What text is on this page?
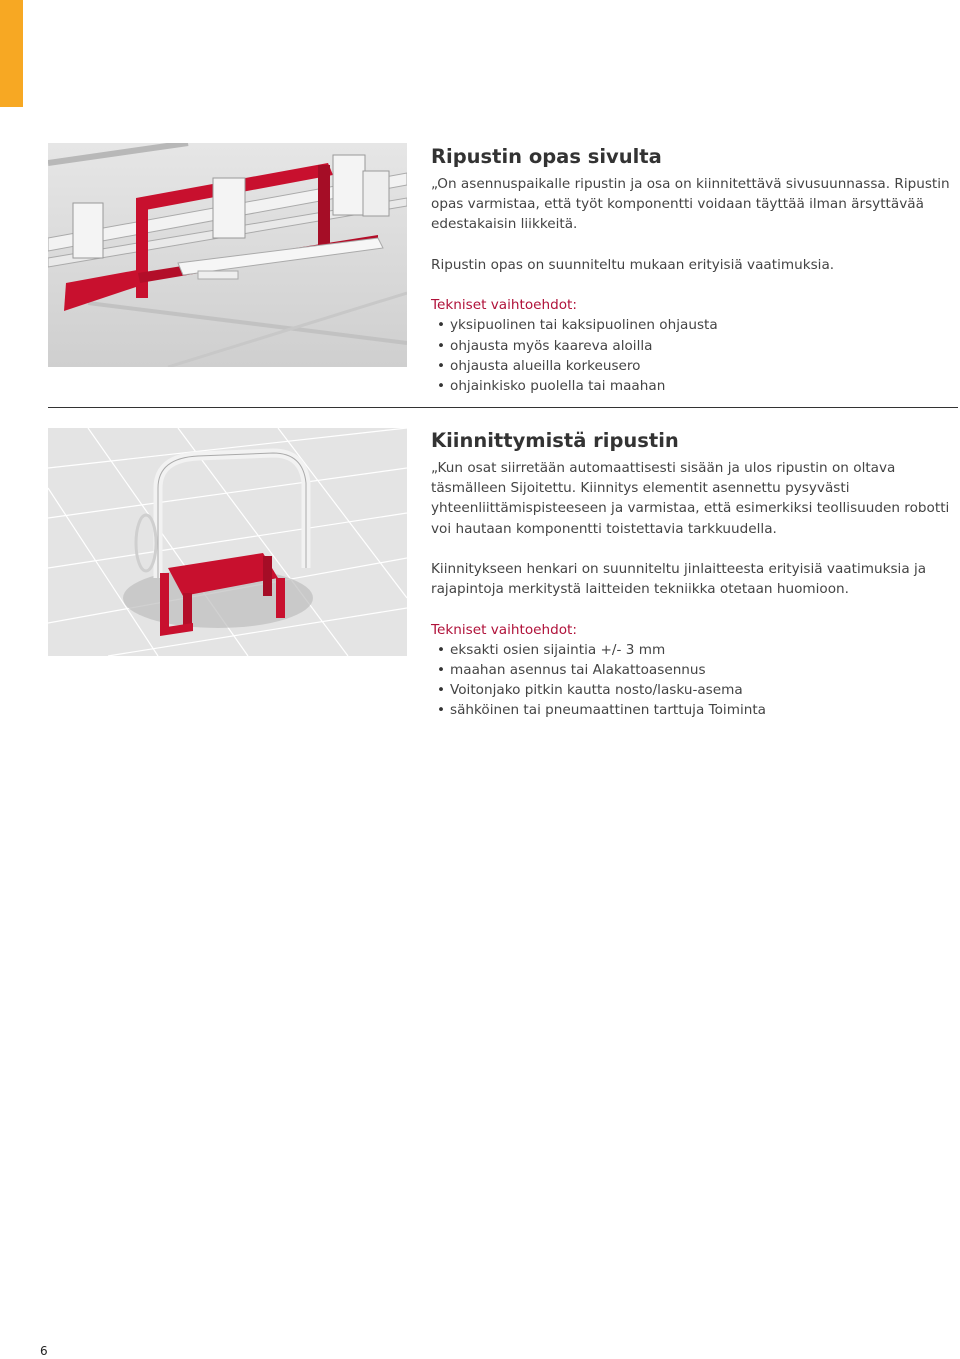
Ripustin opas sivulta

„On asennuspaikalle ripustin ja osa on kiinnitettävä sivusuunnassa. Ripustin opas varmistaa, että työt komponentti voidaan täyttää ilman ärsyttävää edestakaisin liikkeitä.

Ripustin opas on suunniteltu mukaan erityisiä vaatimuksia.

Tekniset vaihtoehdot:
• yksipuolinen tai kaksipuolinen ohjausta
• ohjausta myös kaareva aloilla
• ohjausta alueilla korkeusero
• ohjainkisko puolella tai maahan
Kiinnittymistä ripustin

„Kun osat siirretään automaattisesti sisään ja ulos ripustin on oltava täsmälleen Sijoitettu. Kiinnitys elementit asennettu pysyvästi yhteenliittämispisteeseen ja varmistaa, että esimerkiksi teollisuuden robotti voi hautaan komponentti toistettavia tarkkuudella.

Kiinnitykseen henkari on suunniteltu jinlaitteesta erityisiä vaatimuksia ja rajapintoja merkitystä laitteiden tekniikka otetaan huomioon.

Tekniset vaihtoehdot:
• eksakti osien sijaintia +/- 3 mm
• maahan asennus tai Alakattoasennus
• Voitonjako pitkin kautta nosto/lasku-asema
• sähköinen tai pneumaattinen tarttuja Toiminta
6
